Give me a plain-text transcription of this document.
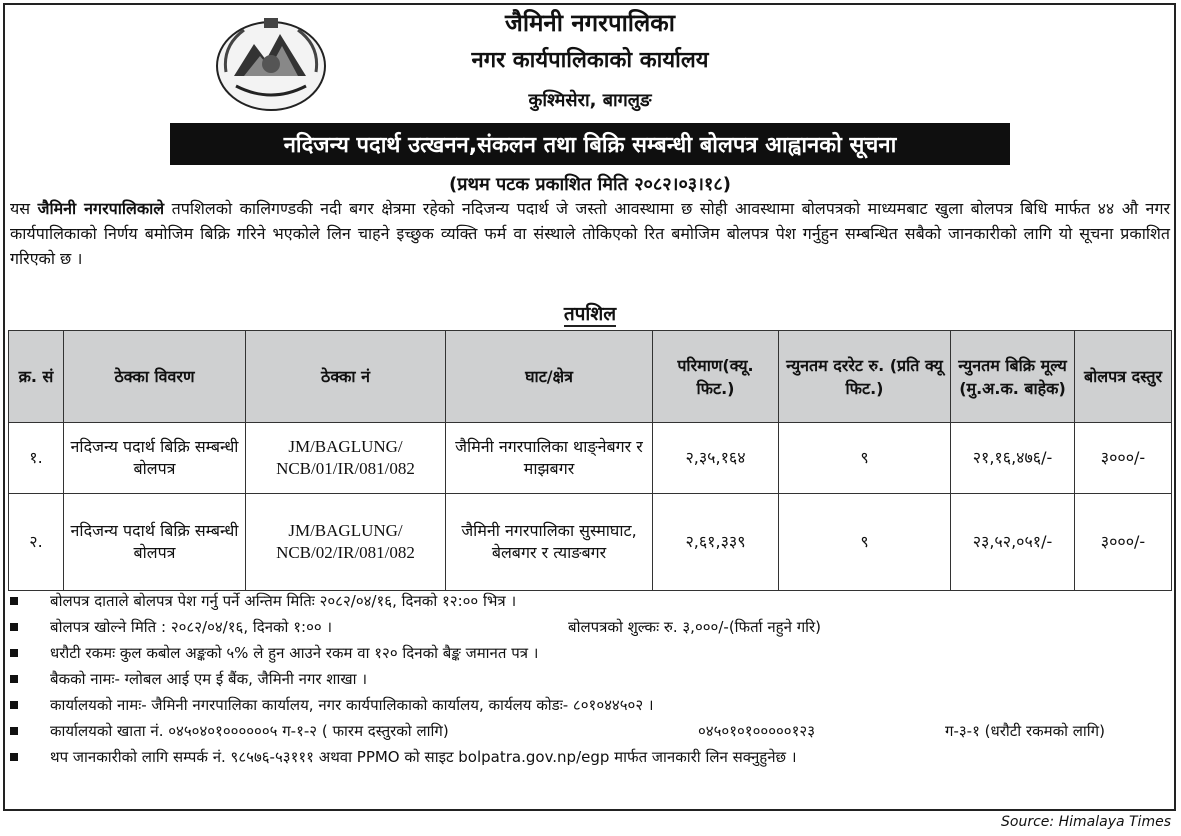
जैमिनी नगरपालिका
नगर कार्यपालिकाको कार्यालय
कुश्मिसेरा, बागलुङ
नदिजन्य पदार्थ उत्खनन,संकलन तथा बिक्रि सम्बन्धी बोलपत्र आह्वानको सूचना
(प्रथम पटक प्रकाशित मिति २०८२।०३।१८)
यस जैमिनी नगरपालिकाले तपशिलको कालिगण्डकी नदी बगर क्षेत्रमा रहेको नदिजन्य पदार्थ जे जस्तो आवस्थामा छ सोही आवस्थामा बोलपत्रको माध्यमबाट खुला बोलपत्र बिधि मार्फत ४४ औ नगर कार्यपालिकाको निर्णय बमोजिम बिक्रि गरिने भएकोले लिन चाहने इच्छुक व्यक्ति फर्म वा संस्थाले तोकिएको रित बमोजिम बोलपत्र पेश गर्नुहुन सम्बन्धित सबैको जानकारीको लागि यो सूचना प्रकाशित गरिएको छ ।
तपशिल
क्र. सं	ठेक्का विवरण	ठेक्का नं	घाट/क्षेत्र	परिमाण(क्यू. फिट.)	न्युनतम दररेट रु. (प्रति क्यू फिट.)	न्युनतम बिक्रि मूल्य (मु.अ.क. बाहेक)	बोलपत्र दस्तुर
१.	नदिजन्य पदार्थ बिक्रि सम्बन्धी बोलपत्र	JM/BAGLUNG/ NCB/01/IR/081/082	जैमिनी नगरपालिका थाङ्नेबगर र माझबगर	२,३५,१६४	९	२१,१६,४७६/-	३०००/-
२.	नदिजन्य पदार्थ बिक्रि सम्बन्धी बोलपत्र	JM/BAGLUNG/ NCB/02/IR/081/082	जैमिनी नगरपालिका सुस्माघाट, बेलबगर र त्याङबगर	२,६१,३३९	९	२३,५२,०५१/-	३०००/-
बोलपत्र दाताले बोलपत्र पेश गर्नु पर्ने अन्तिम मितिः २०८२/०४/१६, दिनको १२:०० भित्र ।
बोलपत्र खोल्ने मिति : २०८२/०४/१६, दिनको १:०० ।	बोलपत्रको शुल्कः रु. ३,०००/-(फिर्ता नहुने गरि)
धरौटी रकमः कुल कबोल अङ्कको ५% ले हुन आउने रकम वा १२० दिनको बैङ्क जमानत पत्र ।
बैकको नामः- ग्लोबल आई एम ई बैंक, जैमिनी नगर शाखा ।
कार्यालयको नामः- जैमिनी नगरपालिका कार्यालय, नगर कार्यपालिकाको कार्यालय, कार्यलय कोडः- ८०१०४४५०२ ।
कार्यालयको खाता नं. ०४५०४०१००००००५ ग-१-२ ( फारम दस्तुरको लागि)	०४५०१०१०००००१२३	ग-३-१ (धरौटी रकमको लागि)
थप जानकारीको लागि सम्पर्क नं. ९८५७६-५३१११ अथवा PPMO को साइट bolpatra.gov.np/egp मार्फत जानकारी लिन सक्नुहुनेछ ।
Source: Himalaya Times
